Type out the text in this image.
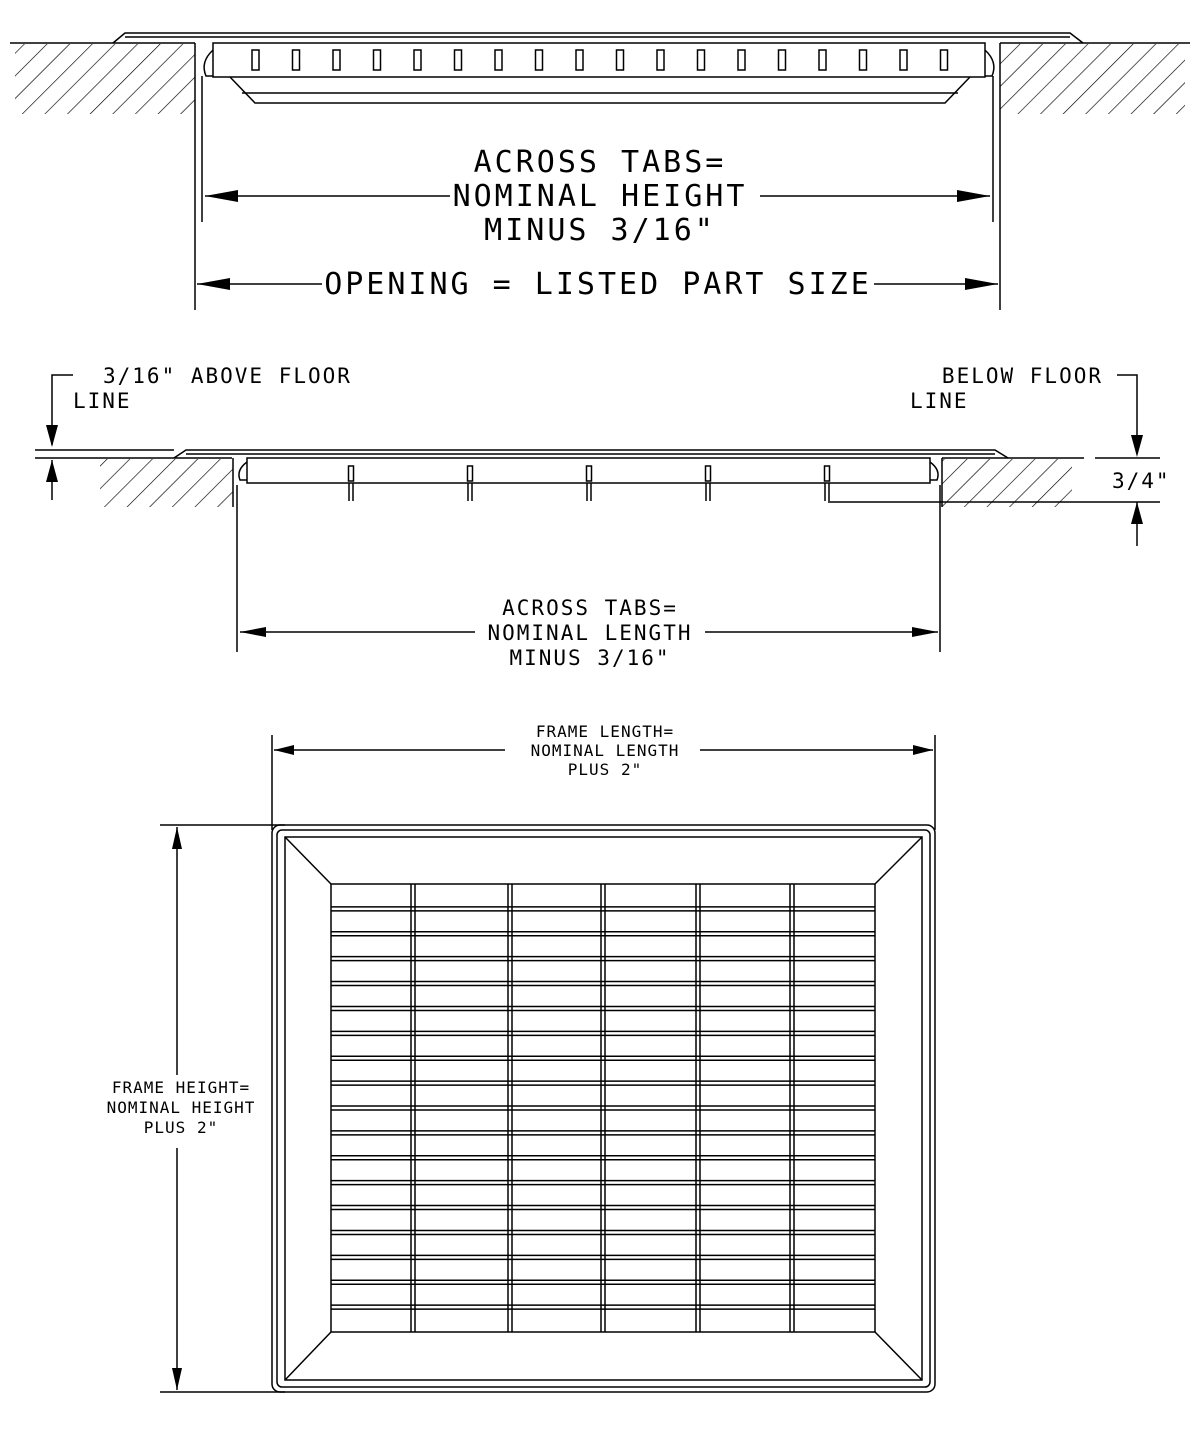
ACROSS TABS=
NOMINAL HEIGHT
MINUS 3/16"
OPENING = LISTED PART SIZE
3/16" ABOVE FLOOR
LINE
BELOW FLOOR
LINE
3/4"
ACROSS TABS=
NOMINAL LENGTH
MINUS 3/16"
FRAME LENGTH=
NOMINAL LENGTH
PLUS 2"
FRAME HEIGHT=
NOMINAL HEIGHT
PLUS 2"
